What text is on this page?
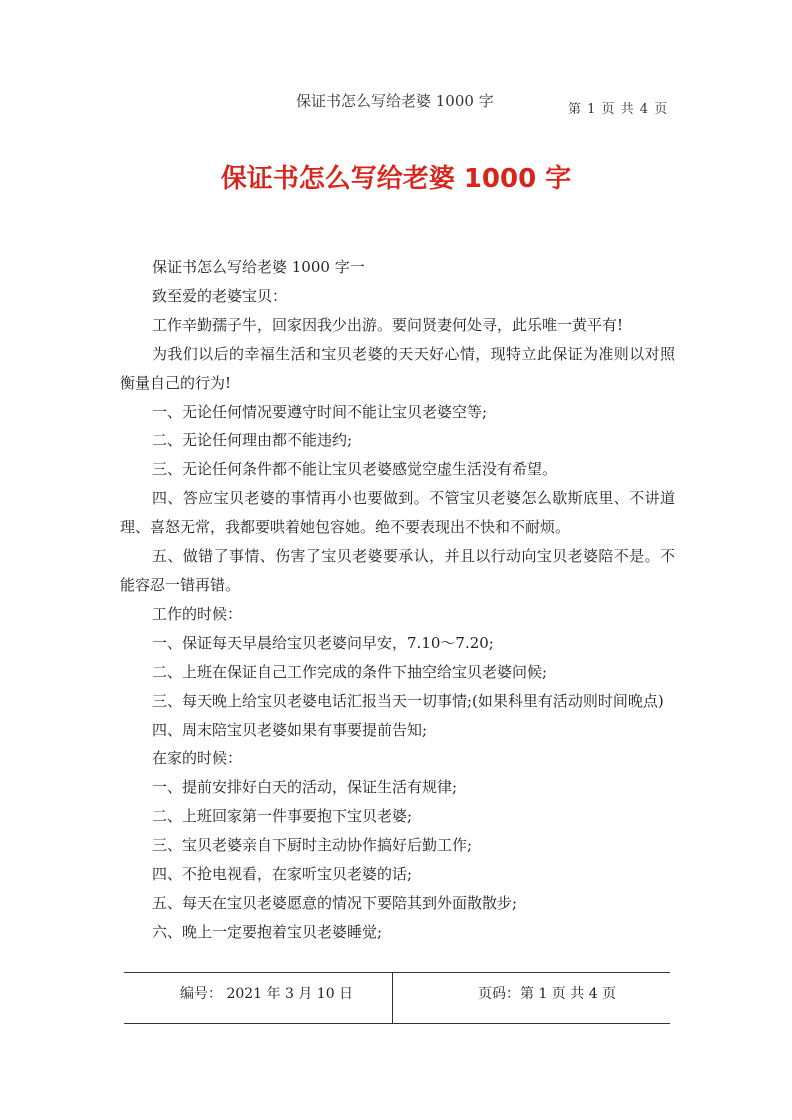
保证书怎么写给老婆 1000 字	第 1 页 共 4 页
保证书怎么写给老婆 1000 字

保证书怎么写给老婆 1000 字一

致至爱的老婆宝贝：

工作辛勤孺子牛，回家因我少出游。要问贤妻何处寻，此乐唯一黄平有!

为我们以后的幸福生活和宝贝老婆的天天好心情，现特立此保证为准则以对照衡量自己的行为!

一、无论任何情况要遵守时间不能让宝贝老婆空等;

二、无论任何理由都不能违约;

三、无论任何条件都不能让宝贝老婆感觉空虚生活没有希望。

四、答应宝贝老婆的事情再小也要做到。不管宝贝老婆怎么歇斯底里、不讲道理、喜怒无常，我都要哄着她包容她。绝不要表现出不快和不耐烦。

五、做错了事情、伤害了宝贝老婆要承认，并且以行动向宝贝老婆陪不是。不能容忍一错再错。

工作的时候：

一、保证每天早晨给宝贝老婆问早安，7.10～7.20;

二、上班在保证自己工作完成的条件下抽空给宝贝老婆问候;

三、每天晚上给宝贝老婆电话汇报当天一切事情;(如果科里有活动则时间晚点)

四、周末陪宝贝老婆如果有事要提前告知;

在家的时候：

一、提前安排好白天的活动，保证生活有规律;

二、上班回家第一件事要抱下宝贝老婆;

三、宝贝老婆亲自下厨时主动协作搞好后勤工作;

四、不抢电视看，在家听宝贝老婆的话;

五、每天在宝贝老婆愿意的情况下要陪其到外面散散步;

六、晚上一定要抱着宝贝老婆睡觉;

编号： 2021 年 3 月 10 日	页码：第 1 页 共 4 页
